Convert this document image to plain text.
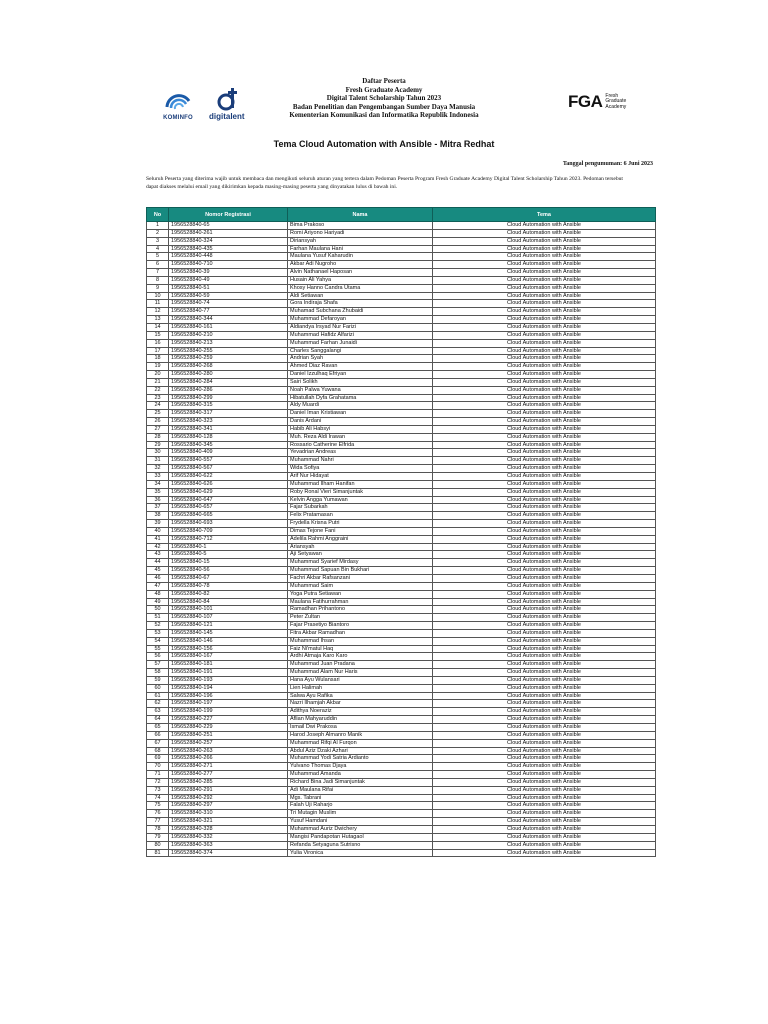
KOMINFO digitalent
FGA Fresh
Graduate
Academy
Daftar Peserta
Fresh Graduate Academy
Digital Talent Scholarship Tahun 2023
Badan Penelitian dan Pengembangan Sumber Daya Manusia
Kementerian Komunikasi dan Informatika Republik Indonesia
Tema Cloud Automation with Ansible - Mitra Redhat
Tanggal pengumuman: 6 Juni 2023
Seluruh Peserta yang diterima wajib untuk membaca dan mengikuti seluruh aturan yang tertera dalam Pedoman Peserta Program Fresh Graduate Academy Digital Talent Scholarship Tahun 2023. Pedoman tersebut dapat diakses melalui email yang dikirimkan kepada masing-masing peserta yang dinyatakan lulus di bawah ini.
No	Nomor Registrasi	Nama	Tema
1	1956528840-65	Bima Prakoso	Cloud Automation with Ansible
2	1956528840-261	Romi Ariyono Hariyadi	Cloud Automation with Ansible
3	1956528840-324	Diriansyah	Cloud Automation with Ansible
4	1956528840-435	Farhan Maulana Hani	Cloud Automation with Ansible
5	1956528840-448	Maulana Yusuf Kaharudin	Cloud Automation with Ansible
6	1956528840-710	Akbar Adi Nugroho	Cloud Automation with Ansible
7	1956528840-39	Alvin Nathanael Haposan	Cloud Automation with Ansible
8	1956528840-49	Husain Ali Yahya	Cloud Automation with Ansible
9	1956528840-51	Khosy Hanno Candra Utama	Cloud Automation with Ansible
10	1956528840-59	Aldi Setiawan	Cloud Automation with Ansible
11	1956528840-74	Gora Indiraja Shafa	Cloud Automation with Ansible
12	1956528840-77	Muhamad Subchana Zhubaidi	Cloud Automation with Ansible
13	1956528840-344	Muhammad Defaroyan	Cloud Automation with Ansible
14	1956528840-161	Aldiandya Irsyad Nur Farizi	Cloud Automation with Ansible
15	1956528840-210	Muhammad Hafidz Alfarizi	Cloud Automation with Ansible
16	1956528840-213	Muhammad Farhan Junaidi	Cloud Automation with Ansible
17	1956528840-255	Charles Sanggalangi	Cloud Automation with Ansible
18	1956528840-259	Andrian Syah	Cloud Automation with Ansible
19	1956528840-268	Ahmed Diaz Ravan	Cloud Automation with Ansible
20	1956528840-280	Daniel Izzulhaq Efriyan	Cloud Automation with Ansible
21	1956528840-284	Sairi Solikh	Cloud Automation with Ansible
22	1956528840-286	Noah Palwa Yuwana	Cloud Automation with Ansible
23	1956528840-299	Hibatullah Dyfa Grahatama	Cloud Automation with Ansible
24	1956528840-315	Aldy Muardi	Cloud Automation with Ansible
25	1956528840-317	Daniel Iman Kristiawan	Cloud Automation with Ansible
26	1956528840-323	Danis Ardani	Cloud Automation with Ansible
27	1956528840-341	Habib Ali Habsyi	Cloud Automation with Ansible
28	1956528840-128	Muh. Reza Aldi Irawan	Cloud Automation with Ansible
29	1956528840-345	Rossario Catherine Elfrida	Cloud Automation with Ansible
30	1956528840-409	Yevadrian Andreas	Cloud Automation with Ansible
31	1956528840-557	Muhammad Nahri	Cloud Automation with Ansible
32	1956528840-567	Wida Sofiya	Cloud Automation with Ansible
33	1956528840-622	Arif Nur Hidayat	Cloud Automation with Ansible
34	1956528840-626	Muhammad Ilham Hanifan	Cloud Automation with Ansible
35	1956528840-629	Roby Ronal Vieri Simanjuntak	Cloud Automation with Ansible
36	1956528840-647	Kelvin Angga Yumawan	Cloud Automation with Ansible
37	1956528840-657	Fajar Subarkah	Cloud Automation with Ansible
38	1956528840-665	Felix Pratamasan	Cloud Automation with Ansible
39	1956528840-693	Frydella Krisna Putri	Cloud Automation with Ansible
40	1956528840-709	Dimas Tejone Fani	Cloud Automation with Ansible
41	1956528840-712	Adelila Rahmi Anggraini	Cloud Automation with Ansible
42	1956528840-1	Ariansyah	Cloud Automation with Ansible
43	1956528840-5	Aji Setyawan	Cloud Automation with Ansible
44	1956528840-15	Muhammad Syarief Mirdasy	Cloud Automation with Ansible
45	1956528840-56	Muhammad Sapuan Bin Bukhari	Cloud Automation with Ansible
46	1956528840-67	Fachri Akbar Rafsanzani	Cloud Automation with Ansible
47	1956528840-78	Muhammad Saim	Cloud Automation with Ansible
48	1956528840-82	Yoga Putra Setiawan	Cloud Automation with Ansible
49	1956528840-84	Maulana Fatihurrahman	Cloud Automation with Ansible
50	1956528840-101	Ramadhan Prihantono	Cloud Automation with Ansible
51	1956528840-107	Peter Zultan	Cloud Automation with Ansible
52	1956528840-121	Fajar Prasetiyo Biantoro	Cloud Automation with Ansible
53	1956528840-145	Fitra Akbar Ramadhan	Cloud Automation with Ansible
54	1956528840-146	Muhammad Ihsan	Cloud Automation with Ansible
55	1956528840-156	Faiz Ni'matul Haq	Cloud Automation with Ansible
56	1956528840-167	Ardhi Atmaja Karo Karo	Cloud Automation with Ansible
57	1956528840-181	Muhammad Juan Pradana	Cloud Automation with Ansible
58	1956528840-191	Muhammad Alam Nur Haris	Cloud Automation with Ansible
59	1956528840-193	Hana Ayu Wulansari	Cloud Automation with Ansible
60	1956528840-194	Lien Halimah	Cloud Automation with Ansible
61	1956528840-196	Salwa Ayu Rafika	Cloud Automation with Ansible
62	1956528840-197	Nazri Ilhamjah Akbar	Cloud Automation with Ansible
63	1956528840-199	Adithya Noeraziz	Cloud Automation with Ansible
64	1956528840-227	Aflian Mahyaruddin	Cloud Automation with Ansible
65	1956528840-229	Ismail Dwi Prakosa	Cloud Automation with Ansible
66	1956528840-251	Harod Joseph Almanro Manik	Cloud Automation with Ansible
67	1956528840-257	Muhammad Rifqi Al Furqon	Cloud Automation with Ansible
68	1956528840-263	Abdul Aziz Dzaki Azhari	Cloud Automation with Ansible
69	1956528840-266	Muhammad Yodi Satria Ardianto	Cloud Automation with Ansible
70	1956528840-271	Yulvano Thomas Djaya	Cloud Automation with Ansible
71	1956528840-277	Muhammad Amanda	Cloud Automation with Ansible
72	1956528840-285	Richard Bina Jadi Simanjuntak	Cloud Automation with Ansible
73	1956528840-291	Adi Maulana Rifai	Cloud Automation with Ansible
74	1956528840-292	Mgs. Tabrani	Cloud Automation with Ansible
75	1956528840-297	Falah Uji Raharjo	Cloud Automation with Ansible
76	1956528840-310	Tri Mutagin Muslim	Cloud Automation with Ansible
77	1956528840-321	Yusuf Hamdani	Cloud Automation with Ansible
78	1956528840-328	Muhammad Auriz Dwichery	Cloud Automation with Ansible
79	1956528840-332	Mangisi Pandapotan Hutagaol	Cloud Automation with Ansible
80	1956528840-363	Refanda Setyaguna Sutrisno	Cloud Automation with Ansible
81	1956528840-374	Yulia Vironica	Cloud Automation with Ansible
